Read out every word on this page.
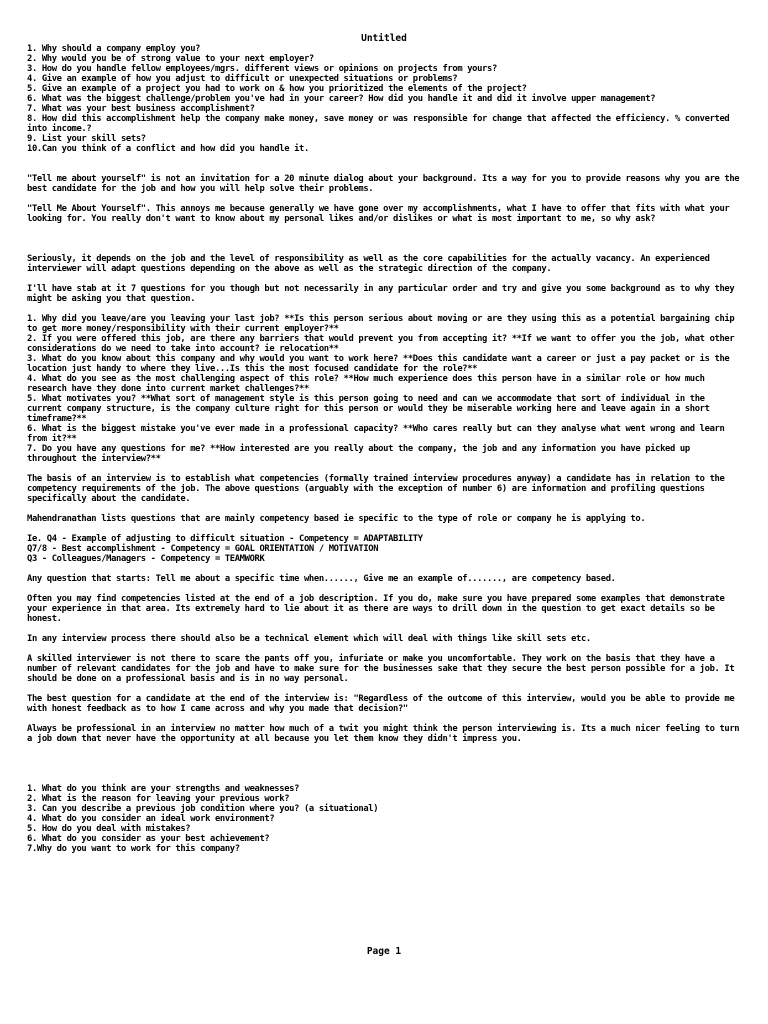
Untitled
1. Why should a company employ you?
2. Why would you be of strong value to your next employer?
3. How do you handle fellow employees/mgrs. different views or opinions on projects from yours?
4. Give an example of how you adjust to difficult or unexpected situations or problems?
5. Give an example of a project you had to work on & how you prioritized the elements of the project?
6. What was the biggest challenge/problem you've had in your career? How did you handle it and did it involve upper management?
7. What was your best business accomplishment?
8. How did this accomplishment help the company make money, save money or was responsible for change that affected the efficiency. % converted into income.?
9. List your skill sets?
10.Can you think of a conflict and how did you handle it.
"Tell me about yourself" is not an invitation for a 20 minute dialog about your background. Its a way for you to provide reasons why you are the best candidate for the job and how you will help solve their problems.
"Tell Me About Yourself". This annoys me because generally we have gone over my accomplishments, what I have to offer that fits with what your looking for. You really don't want to know about my personal likes and/or dislikes or what is most important to me, so why ask?
Seriously, it depends on the job and the level of responsibility as well as the core capabilities for the actually vacancy. An experienced interviewer will adapt questions depending on the above as well as the strategic direction of the company.
I'll have stab at it 7 questions for you though but not necessarily in any particular order and try and give you some background as to why they might be asking you that question.
1. Why did you leave/are you leaving your last job? **Is this person serious about moving or are they using this as a potential bargaining chip to get more money/responsibility with their current employer?**
2. If you were offered this job, are there any barriers that would prevent you from accepting it? **If we want to offer you the job, what other considerations do we need to take into account? ie relocation**
3. What do you know about this company and why would you want to work here? **Does this candidate want a career or just a pay packet or is the location just handy to where they live...Is this the most focused candidate for the role?**
4. What do you see as the most challenging aspect of this role? **How much experience does this person have in a similar role or how much research have they done into current market challenges?**
5. What motivates you? **What sort of management style is this person going to need and can we accommodate that sort of individual in the current company structure, is the company culture right for this person or would they be miserable working here and leave again in a short timeframe?**
6. What is the biggest mistake you've ever made in a professional capacity? **Who cares really but can they analyse what went wrong and learn from it?**
7. Do you have any questions for me? **How interested are you really about the company, the job and any information you have picked up throughout the interview?**
The basis of an interview is to establish what competencies (formally trained interview procedures anyway) a candidate has in relation to the competency requirements of the job. The above questions (arguably with the exception of number 6) are information and profiling questions specifically about the candidate.
Mahendranathan lists questions that are mainly competency based ie specific to the type of role or company he is applying to.
Ie. Q4 - Example of adjusting to difficult situation - Competency = ADAPTABILITY
Q7/8 - Best accomplishment - Competency = GOAL ORIENTATION / MOTIVATION
Q3 - Colleagues/Managers - Competency = TEAMWORK
Any question that starts: Tell me about a specific time when......, Give me an example of......., are competency based.
Often you may find competencies listed at the end of a job description. If you do, make sure you have prepared some examples that demonstrate your experience in that area. Its extremely hard to lie about it as there are ways to drill down in the question to get exact details so be honest.
In any interview process there should also be a technical element which will deal with things like skill sets etc.
A skilled interviewer is not there to scare the pants off you, infuriate or make you uncomfortable. They work on the basis that they have a number of relevant candidates for the job and have to make sure for the businesses sake that they secure the best person possible for a job. It should be done on a professional basis and is in no way personal.
The best question for a candidate at the end of the interview is: "Regardless of the outcome of this interview, would you be able to provide me with honest feedback as to how I came across and why you made that decision?"
Always be professional in an interview no matter how much of a twit you might think the person interviewing is. Its a much nicer feeling to turn a job down that never have the opportunity at all because you let them know they didn't impress you.
1. What do you think are your strengths and weaknesses?
2. What is the reason for leaving your previous work?
3. Can you describe a previous job condition where you? (a situational)
4. What do you consider an ideal work environment?
5. How do you deal with mistakes?
6. What do you consider as your best achievement?
7.Why do you want to work for this company?
Page 1
